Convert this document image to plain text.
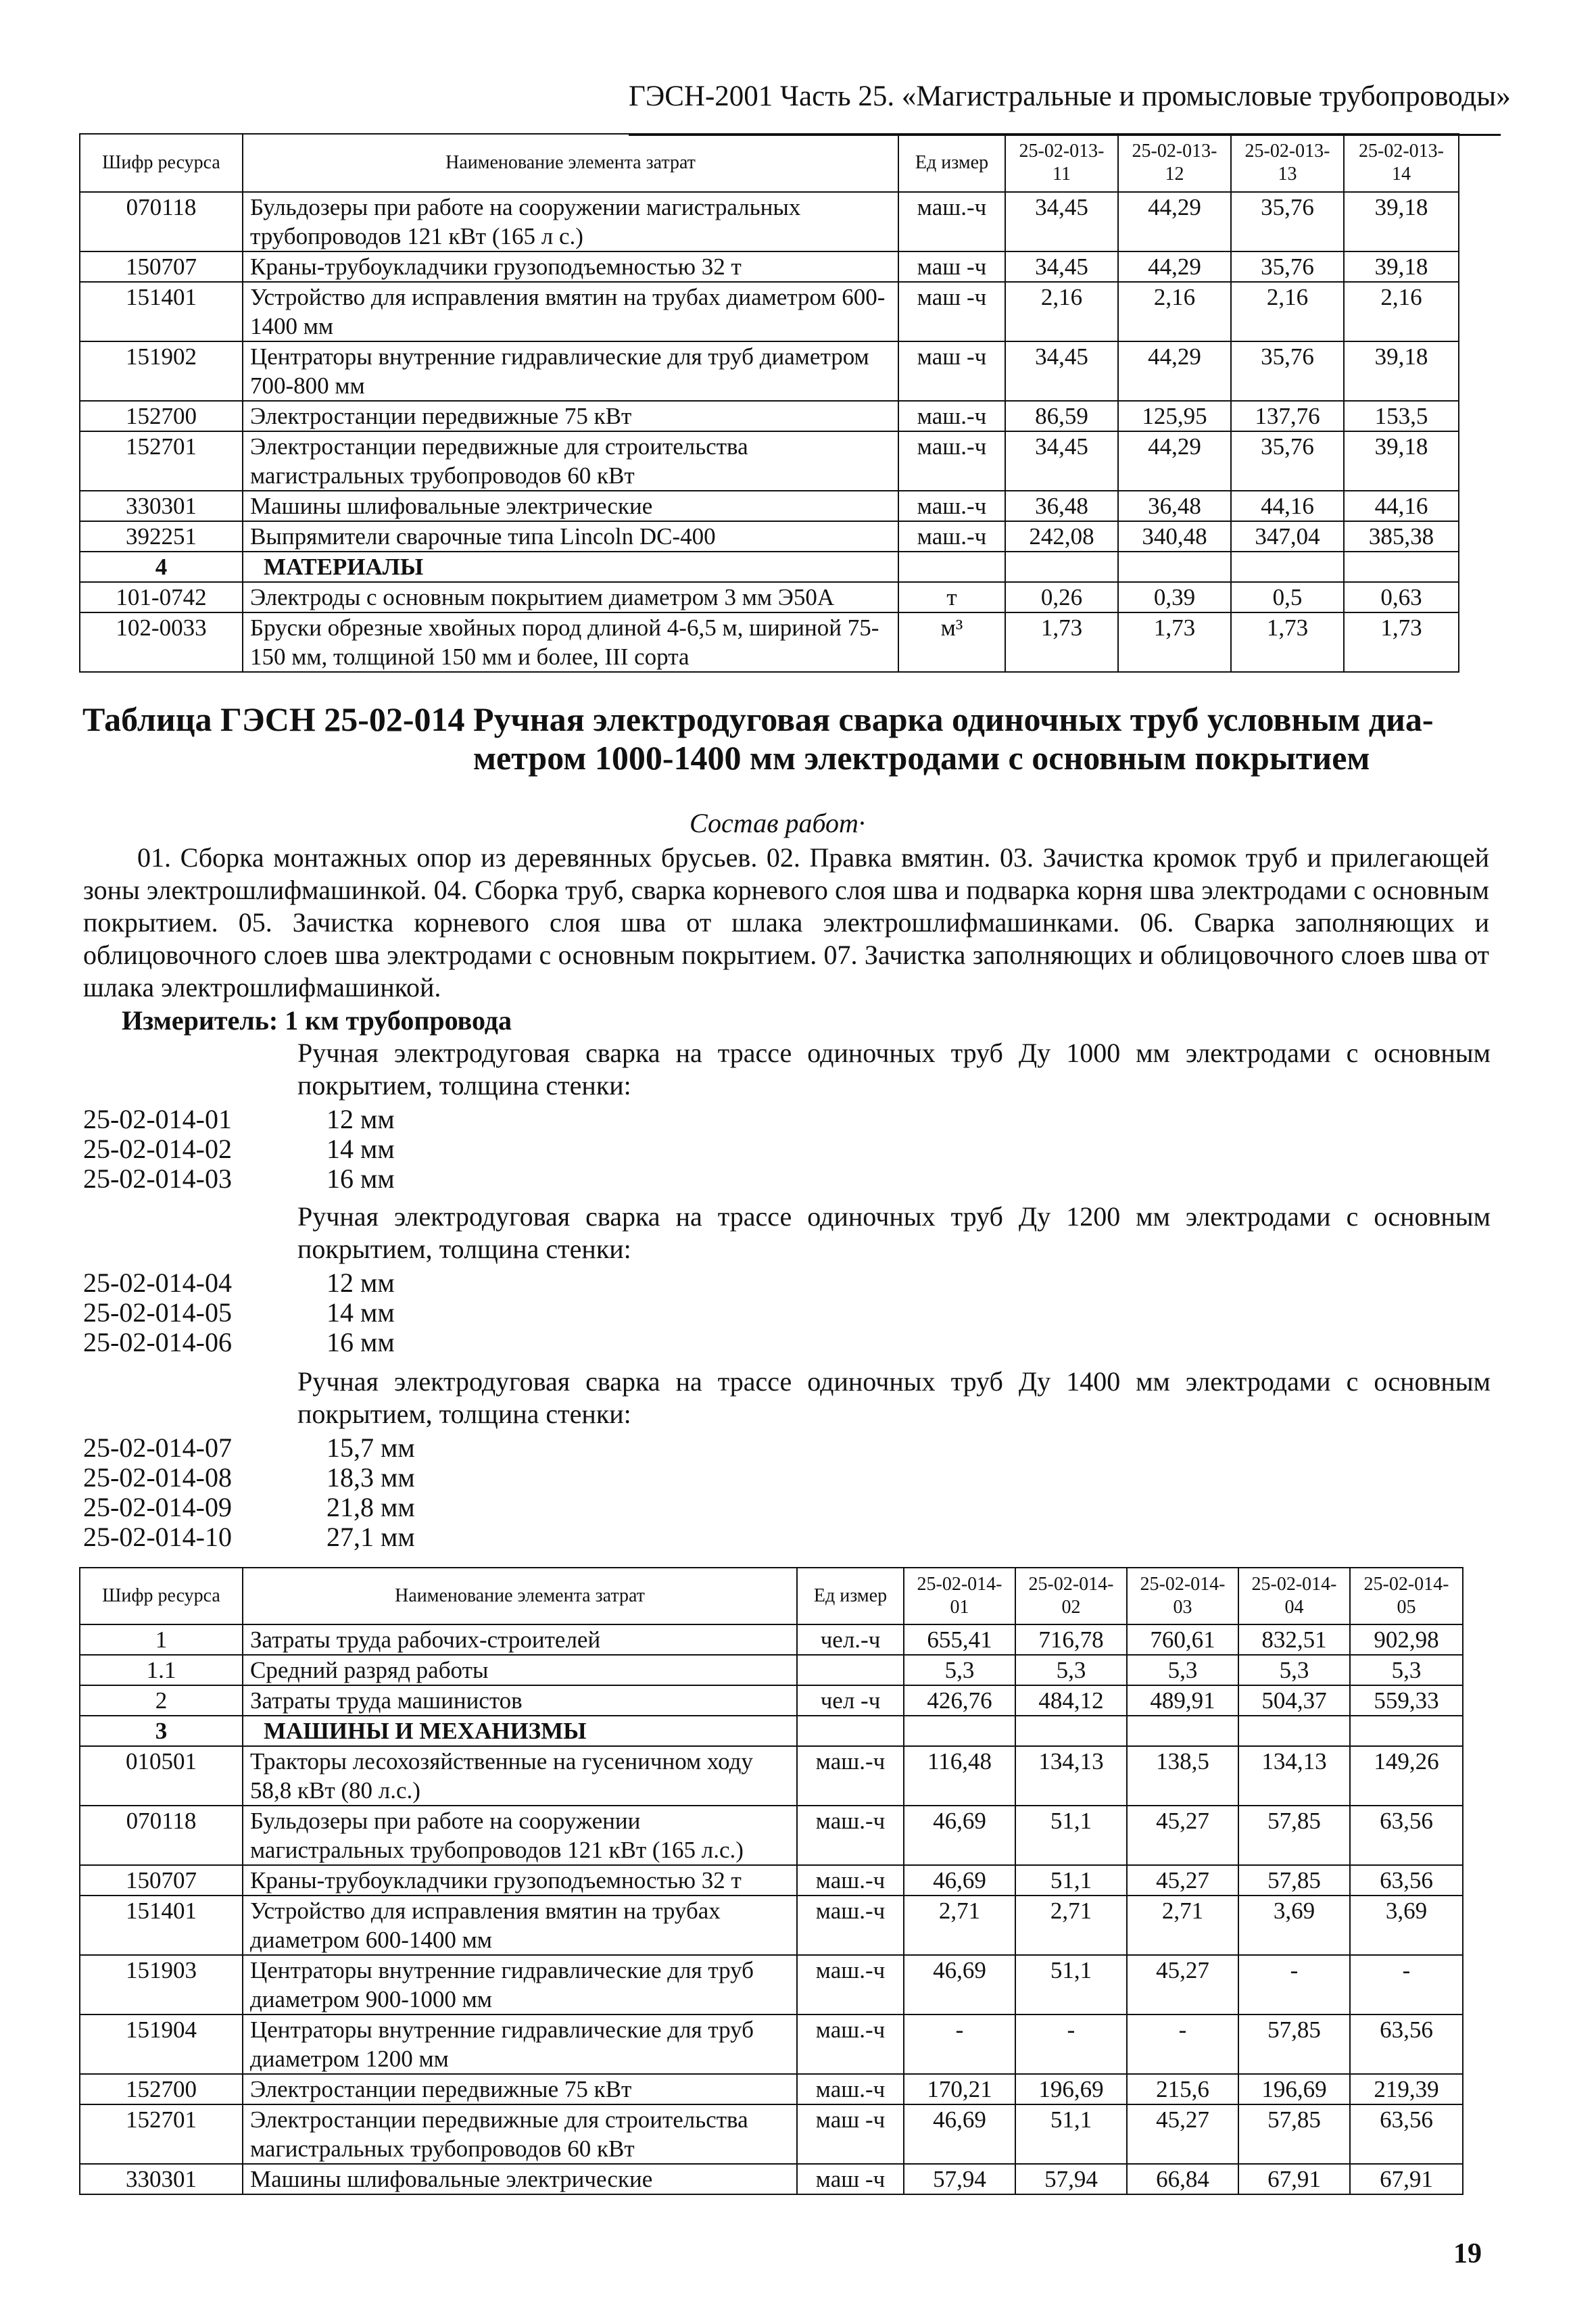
ГЭСН-2001 Часть 25. «Магистральные и промысловые трубопроводы»
Шифр ресурса	Наименование элемента затрат	Ед измер	25-02-013-11	25-02-013-12	25-02-013-13	25-02-013-14
070118	Бульдозеры при работе на сооружении магистральных трубопроводов 121 кВт (165 л с.)	маш.-ч	34,45	44,29	35,76	39,18
150707	Краны-трубоукладчики грузоподъемностью 32 т	маш -ч	34,45	44,29	35,76	39,18
151401	Устройство для исправления вмятин на трубах диаметром 600-1400 мм	маш -ч	2,16	2,16	2,16	2,16
151902	Центраторы внутренние гидравлические для труб диаметром 700-800 мм	маш -ч	34,45	44,29	35,76	39,18
152700	Электростанции передвижные 75 кВт	маш.-ч	86,59	125,95	137,76	153,5
152701	Электростанции передвижные для строительства магистральных трубопроводов 60 кВт	маш.-ч	34,45	44,29	35,76	39,18
330301	Машины шлифовальные электрические	маш.-ч	36,48	36,48	44,16	44,16
392251	Выпрямители сварочные типа Lincoln DC-400	маш.-ч	242,08	340,48	347,04	385,38
4	МАТЕРИАЛЫ					
101-0742	Электроды с основным покрытием диаметром 3 мм Э50А	т	0,26	0,39	0,5	0,63
102-0033	Бруски обрезные хвойных пород длиной 4-6,5 м, шириной 75-150 мм, толщиной 150 мм и более, III сорта	м³	1,73	1,73	1,73	1,73
Таблица ГЭСН 25-02-014 Ручная электродуговая сварка одиночных труб условным диа-
метром 1000-1400 мм электродами с основным покрытием
Состав работ·

01. Сборка монтажных опор из деревянных брусьев. 02. Правка вмятин. 03. Зачистка кромок труб и прилегающей зоны электрошлифмашинкой. 04. Сборка труб, сварка корневого слоя шва и подварка корня шва электродами с основным покрытием. 05. Зачистка корневого слоя шва от шлака электрошлифмашинками. 06. Сварка заполняющих и облицовочного слоев шва электродами с основным покрытием. 07. Зачистка заполняющих и облицовочного слоев шва от шлака электрошлифмашинкой.

Измеритель: 1 км трубопровода
Ручная электродуговая сварка на трассе одиночных труб Ду 1000 мм электродами с основным покрытием, толщина стенки:
25-02-014-01	12 мм
25-02-014-02	14 мм
25-02-014-03	16 мм
Ручная электродуговая сварка на трассе одиночных труб Ду 1200 мм электродами с основным покрытием, толщина стенки:
25-02-014-04	12 мм
25-02-014-05	14 мм
25-02-014-06	16 мм
Ручная электродуговая сварка на трассе одиночных труб Ду 1400 мм электродами с основным покрытием, толщина стенки:
25-02-014-07	15,7 мм
25-02-014-08	18,3 мм
25-02-014-09	21,8 мм
25-02-014-10	27,1 мм
Шифр ресурса	Наименование элемента затрат	Ед измер	25-02-014-01	25-02-014-02	25-02-014-03	25-02-014-04	25-02-014-05
1	Затраты труда рабочих-строителей	чел.-ч	655,41	716,78	760,61	832,51	902,98
1.1	Средний разряд работы		5,3	5,3	5,3	5,3	5,3
2	Затраты труда машинистов	чел -ч	426,76	484,12	489,91	504,37	559,33
3	МАШИНЫ И МЕХАНИЗМЫ						
010501	Тракторы лесохозяйственные на гусеничном ходу 58,8 кВт (80 л.с.)	маш.-ч	116,48	134,13	138,5	134,13	149,26
070118	Бульдозеры при работе на сооружении магистральных трубопроводов 121 кВт (165 л.с.)	маш.-ч	46,69	51,1	45,27	57,85	63,56
150707	Краны-трубоукладчики грузоподъемностью 32 т	маш.-ч	46,69	51,1	45,27	57,85	63,56
151401	Устройство для исправления вмятин на трубах диаметром 600-1400 мм	маш.-ч	2,71	2,71	2,71	3,69	3,69
151903	Центраторы внутренние гидравлические для труб диаметром 900-1000 мм	маш.-ч	46,69	51,1	45,27	-	-
151904	Центраторы внутренние гидравлические для труб диаметром 1200 мм	маш.-ч	-	-	-	57,85	63,56
152700	Электростанции передвижные 75 кВт	маш.-ч	170,21	196,69	215,6	196,69	219,39
152701	Электростанции передвижные для строительства магистральных трубопроводов 60 кВт	маш -ч	46,69	51,1	45,27	57,85	63,56
330301	Машины шлифовальные электрические	маш -ч	57,94	57,94	66,84	67,91	67,91
19
